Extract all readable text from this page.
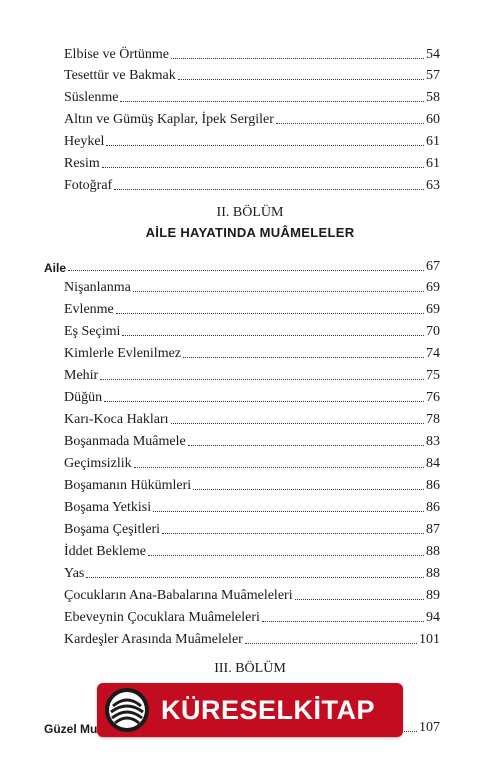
Elbise ve Örtünme	54
Tesettür ve Bakmak	57
Süslenme	58
Altın ve Gümüş Kaplar, İpek Sergiler	60
Heykel	61
Resim	61
Fotoğraf	63
II. BÖLÜM
AİLE HAYATINDA MUÂMELELER
Aile	67
Nişanlanma	69
Evlenme	69
Eş Seçimi	70
Kimlerle Evlenilmez	74
Mehir	75
Düğün	76
Karı-Koca Hakları	78
Boşanmada Muâmele	83
Geçimsizlik	84
Boşamanın Hükümleri	86
Boşama Yetkisi	86
Boşama Çeşitleri	87
İddet Bekleme	88
Yas	88
Çocukların Ana-Babalarına Muâmeleleri	89
Ebeveynin Çocuklara Muâmeleleri	94
Kardeşler Arasında Muâmeleler	101
III. BÖLÜM
Güzel Mu	107
KÜRESELKİTAP
